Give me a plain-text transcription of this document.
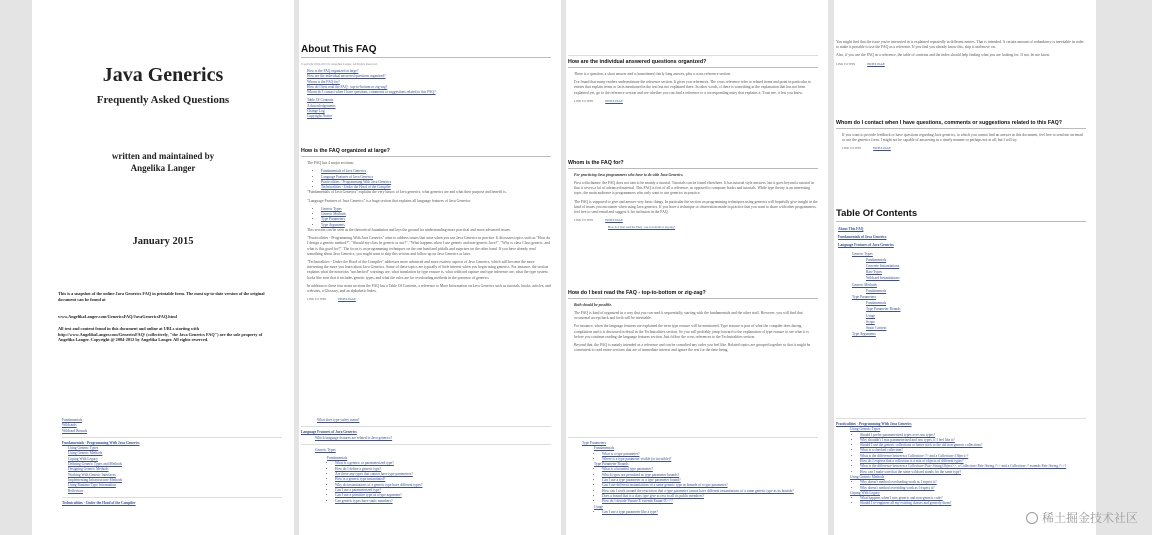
Java Generics
Frequently Asked Questions
written and maintained by
Angelika Langer
January 2015
This is a snapshot of the online Java Generics FAQ in printable form. The most up-to-date version of the original document can be found at
www.AngelikaLanger.com/GenericsFAQ/JavaGenericsFAQ.html
All text and content found in this document and online at URLs starting with http://www.AngelikaLanger.com/GenericsFAQ/ (collectively, "the Java Generics FAQ") are the sole property of Angelika Langer. Copyright @ 2004-2012 by Angelika Langer. All rights reserved.
Fundamentals
Wildcards
Wildcard Bounds
Fundamentals - Programming With Java Generics
Using Generic Types
Using Generic Methods
Coping With Legacy
Defining Generic Types and Methods
Designing Generic Methods
Working With Generic Interfaces
Implementing Infrastructure Methods
Using Runtime Type Information
Reflection
Technicalities - Under the Hood of the Compiler
About This FAQ
Copyright 2004-2015 by Angelika Langer. All Rights Reserved.
How is the FAQ organized at large?
How are the individual answered questions organized?
Whom is the FAQ for?
How do I best read the FAQ - top-to-bottom or zig-zag?
Whom do I contact when I have questions, comments or suggestions related to this FAQ?
Table Of Contents
Acknowledgements
Change Log
Copyright Notice
How is the FAQ organized at large?

The FAQ has 4 major sections:

• Fundamentals of Java Generics
• Language Features of Java Generics
• Practicalities - Programming With Java Generics
• Technicalities - Under the Hood of the Compiler

"Fundamentals of Java Generics" explains the very basics of Java generics, what generics are and what their purpose and benefit is.

"Language Features of Java Generics" is a huge section that explains all language features of Java Generics:

• Generic Types
• Generic Methods
• Type Parameters
• Type Arguments

This section can be seen as the theoretical foundation and lays the ground for understanding more practical and more advanced issues.

"Practicalities - Programming With Java Generics" aims to address issues that arise when you use Java Generics in practice. It discusses topics such as "How do I design a generic method?", "Should my class be generic or not?", "What happens when I use generic and non-generic Java?", "Why is class Class generic, and what is this good for?". The focus is on programming techniques on the one hand and pitfalls and surprises on the other hand. If you have already read something about Java Generics, you might want to skip this section and follow up on Java Generics or later.

"Technicalities - Under the Hood of the Compiler" addresses more advanced and more esoteric aspects of Java Generics, which will become the more interesting the more you learn about Java Generics. Some of these topics are typically of little interest when you begin using generics. For instance, the section explains what the notorious "unchecked" warnings are, what translation by type erasure is, what wildcard capture and type inference are, what the type system looks like now that it includes generic types, and what the rules are for overloading methods in the presence of generics.

In addition to these four main sections the FAQ has a Table Of Contents, a reference to More Information on Java Generics such as tutorials, books, articles, and websites, a Glossary, and an alphabetic Index.

LINK TO THIS	INDEX PAGE
What does type-safety mean?
Language Features of Java Generics
Which language features are related to Java generics?
Generic Types
Fundamentals
• What is a generic or parameterized type?
• How do I define a generic type?
• Are there any types that cannot have type parameters?
• How is a generic type instantiated?
• Why do instantiations of a generic type have different types?
• Can I use a parameterized type?
• Can I use a primitive type as a type argument?
• Can generic types have static members?
How are the individual answered questions organized?

There is a question, a short answer and a (sometimes) fairly long answer, plus a cross reference section.

I've found that many readers underestimate the reference section. It gives you references. The cross reference refer to related items and point in particular to entries that explain terms or facts mentioned in the text but not explained there. In other words, if there is something in the explanation that has not been explained yet, go to the reference section and see whether you can find a reference to a corresponding entry that explains it. Trust me, it lets you know.

LINK TO THIS	INDEX PAGE
Whom is the FAQ for?
For practicing Java programmers who have to do with Java Generics.

First a disclaimer: the FAQ does not aim to be mainly a tutorial. Tutorials can be found elsewhere. It has tutorial style answers, but it goes beyond a tutorial in that it covers a lot of advanced material. This FAQ is first of all a reference, as opposed to computer books and tutorials. While type theory is an interesting topic, the main audience is programmers who only want to use generics in practice.

The FAQ is supposed to give and answer very basic things. In particular the section on programming techniques using generics will hopefully give insight in the kind of issues you encounter when using Java generics. If you have a technique or observation made in practice that you want to share with other programmers, feel free to send email and suggest it for inclusion in the FAQ.

LINK TO THIS	INDEX PAGE
How do I best read the FAQ - top-to-bottom or zig-zag?
How do I best read the FAQ - top-to-bottom or zig-zag?
Both should be possible.

The FAQ is kind of organized in a way that you can read it sequentially, starting with the fundamentals and the other stuff. However, you will find that occasional accept back and forth will be inevitable.

For instance, when the language features are explained the term type erasure will be mentioned. Type erasure is part of what the compiler does during compilation and it is discussed in detail in the Technicalities section. So you will probably jump forward to the explanation of type erasure to see what it is before you continue reading the language features section. Just follow the cross references to the Technicalities section.

Beyond that, the FAQ is mainly intended as a reference and can be consulted any order you feel like. Related topics are grouped together so that it might be convenient to read entire sections that are of immediate interest and ignore the rest for the time being.

Type Parameters
Fundamentals
• What is a type parameter?
• Where is a type parameter visible (or invisible)?
Type Parameter Bounds
• What is a bounded type parameter?
• Which types are permitted as type parameter bounds?
• Can I use a type parameter as a type parameter bound?
• Can I use different instantiations of a same generic type as bounds of a type parameter?
• How can I work around the restriction that a type parameter cannot have different instantiations of a same generic type as its bounds?
• Does a bound that is a class type give access to all its public members?
• How do I decode 'Enum<E extends Enum<E>>'?
Usage
• Can I use a type parameter like a type?

You might find that the issue you're interested in is explained repeatedly in different entries. That is intended. A certain amount of redundancy is inevitable in order to make it possible to use the FAQ as a reference. If you find you already know this, skip it and move on.

Also, if you use the FAQ as a reference, the table of contents and the index should help finding what you are looking for. If not, let me know.

LINK TO THIS	INDEX PAGE
Whom do I contact when I have questions, comments or suggestions related to this FAQ?

If you want to provide feedback or have questions regarding Java generics, to which you cannot find an answer in this document, feel free to send me an email or use the generics form. I might not be capable of answering in a timely manner or perhaps not at all, but I will try.

LINK TO THIS	INDEX PAGE
Table Of Contents
About This FAQ
Fundamentals of Java Generics
Language Features of Java Generics
Generic Types
Fundamentals
Concrete Instantiations
Raw Types
Wildcard Instantiations
Generic Methods
Fundamentals
Type Parameters
Fundamentals
Type Parameter Bounds
Usage
Scope
Static Context
Type Arguments
Practicalities - Programming With Java Generics
Using Generic Types
• Should I prefer parameterized types over raw types?
• Why shouldn't I mix parameterized and raw types, if I feel like it?
• Should I use the generic collections or better stick to the old non-generic collections?
• What is a checked collection?
• What is the difference between a Collection<?> and a Collection<Object>?
• How do I express that a collection is a mix of objects of different types?
• What is the difference between a Collection<Pair<String,Object>>, a Collection<Pair<String,?>> and a Collection<? extends Pair<String,?>>?
• How can I make sure that the same wildcard stands for the same type?
Using Generic Methods
• Why doesn't method overloading work as I expect it?
• Why doesn't method overriding work as I expect it?
Coping With Legacy
• What happens when I mix generic and non-generic code?
• Should I re-engineer all my existing classes and generify them?
稀土掘金技术社区
